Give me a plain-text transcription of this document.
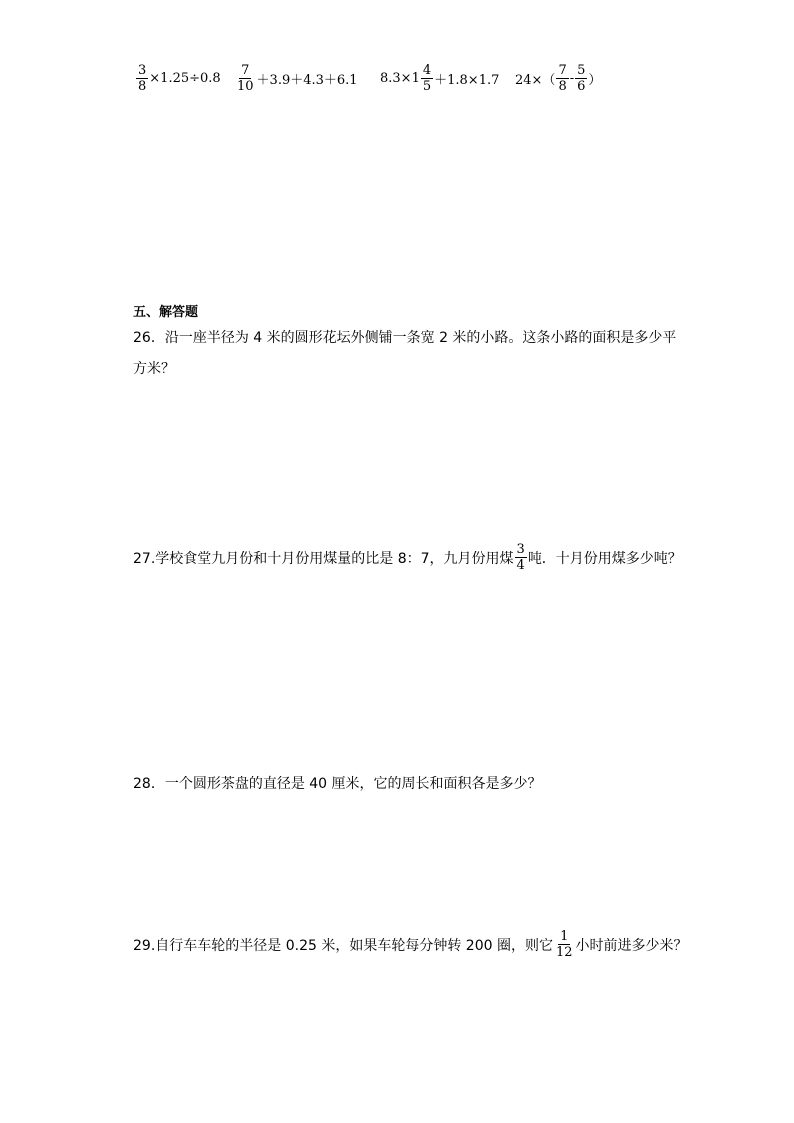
$\frac{3}{8} \times 1.25\div 0.8 \frac{7}{10} +3.9+4.3+6.1$ $8.3\times 1 \frac{4}{5} +1.8\times 1.7$ $24\times( \frac{7}{8} - \frac{5}{6}$ ）
五、解答题
26．沿一座半径为 4 米的圆形花坛外侧铺一条宽 2 米的小路。这条小路的面积是多少平
方米？
27.学校食堂九月份和十月份用煤量的比是 8：7，九月份用煤 $\frac{3}{4}$ 吨．十月份用煤多少吨？
28．一个圆形茶盘的直径是 40 厘米，它的周长和面积各是多少？
29.自行车车轮的半径是 0.25 米，如果车轮每分钟转 200 圈，则它 $\frac{1}{12}$ 小时前进多少米？
